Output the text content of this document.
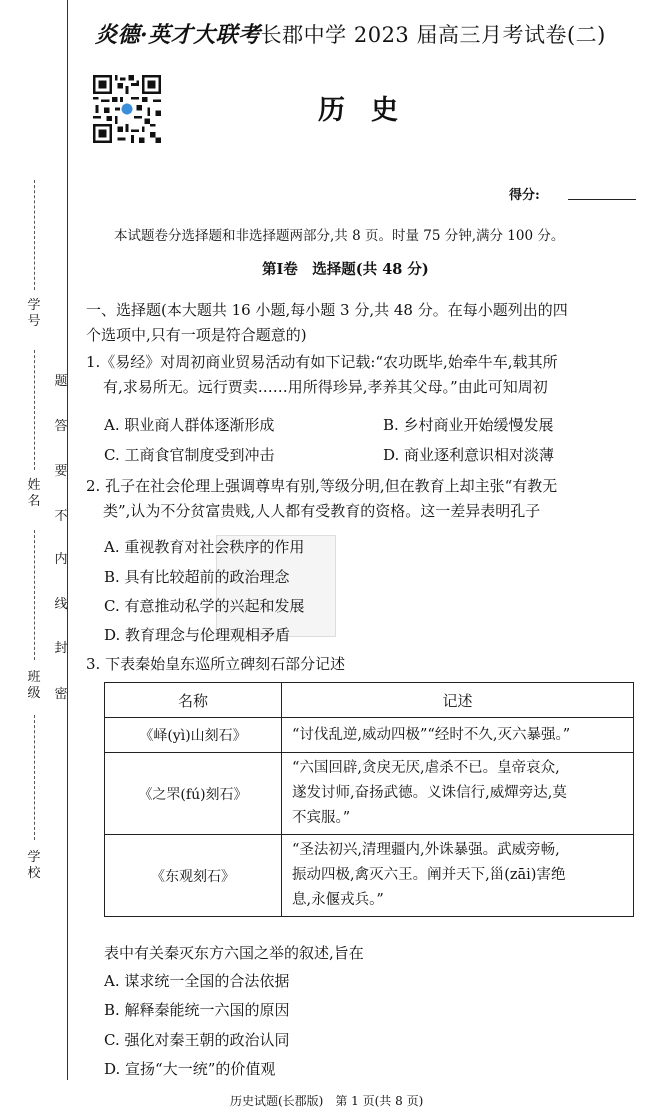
炎德·英才大联考长郡中学 2023 届高三月考试卷(二)
历史
得分:
本试题卷分选择题和非选择题两部分,共 8 页。时量 75 分钟,满分 100 分。
第Ⅰ卷　选择题(共 48 分)
一、选择题(本大题共 16 小题,每小题 3 分,共 48 分。在每小题列出的四
个选项中,只有一项是符合题意的)
1.《易经》对周初商业贸易活动有如下记载:“农功既毕,始牵牛车,载其所
有,求易所无。远行贾卖……用所得珍异,孝养其父母。”由此可知周初
A. 职业商人群体逐渐形成	B. 乡村商业开始缓慢发展
C. 工商食官制度受到冲击	D. 商业逐利意识相对淡薄
2. 孔子在社会伦理上强调尊卑有别,等级分明,但在教育上却主张“有教无
类”,认为不分贫富贵贱,人人都有受教育的资格。这一差异表明孔子
A. 重视教育对社会秩序的作用
B. 具有比较超前的政治理念
C. 有意推动私学的兴起和发展
D. 教育理念与伦理观相矛盾
3. 下表秦始皇东巡所立碑刻石部分记述
名称	记述
《峄(yì)山刻石》	“讨伐乱逆,威动四极”“经时不久,灭六暴强。”

《之罘(fú)刻石》	“六国回辟,贪戾无厌,虐杀不已。皇帝哀众,
遂发讨师,奋扬武德。义诛信行,威燀旁达,莫
不宾服。”

《东观刻石》	“圣法初兴,清理疆内,外诛暴强。武威旁畅,
振动四极,禽灭六王。阐并天下,甾(zāi)害绝
息,永偃戎兵。”
表中有关秦灭东方六国之举的叙述,旨在
A. 谋求统一全国的合法依据
B. 解释秦能统一六国的原因
C. 强化对秦王朝的政治认同
D. 宣扬“大一统”的价值观
历史试题(长郡版)　第 1 页(共 8 页)
学号
姓名
班级
学校
题
答
要
不
内
线
封
密
